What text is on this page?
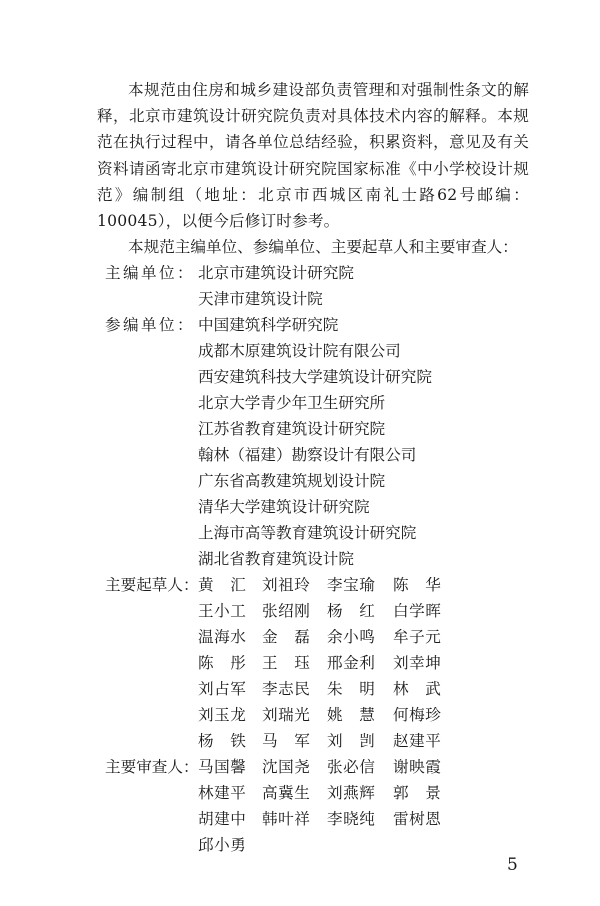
本规范由住房和城乡建设部负责管理和对强制性条文的解释，北京市建筑设计研究院负责对具体技术内容的解释。本规范在执行过程中，请各单位总结经验，积累资料，意见及有关资料请函寄北京市建筑设计研究院国家标准《中小学校设计规范》编制组（地址：北京市西城区南礼士路62号邮编：100045），以便今后修订时参考。
本规范主编单位、参编单位、主要起草人和主要审查人：
主编单位： 北京市建筑设计研究院
天津市建筑设计院
参编单位： 中国建筑科学研究院
成都木原建筑设计院有限公司
西安建筑科技大学建筑设计研究院
北京大学青少年卫生研究所
江苏省教育建筑设计研究院
翰林（福建）勘察设计有限公司
广东省高教建筑规划设计院
清华大学建筑设计研究院
上海市高等教育建筑设计研究院
湖北省教育建筑设计院
主要起草人： 黄　汇 刘祖玲 李宝瑜 陈　华
王小工 张绍刚 杨　红 白学晖
温海水 金　磊 余小鸣 牟子元
陈　彤 王　珏 邢金利 刘幸坤
刘占军 李志民 朱　明 林　武
刘玉龙 刘瑞光 姚　慧 何梅珍
杨　铁 马　军 刘　剀 赵建平
主要审查人： 马国馨 沈国尧 张必信 谢映霞
林建平 高冀生 刘燕辉 郭　景
胡建中 韩叶祥 李晓纯 雷树恩
邱小勇
5
